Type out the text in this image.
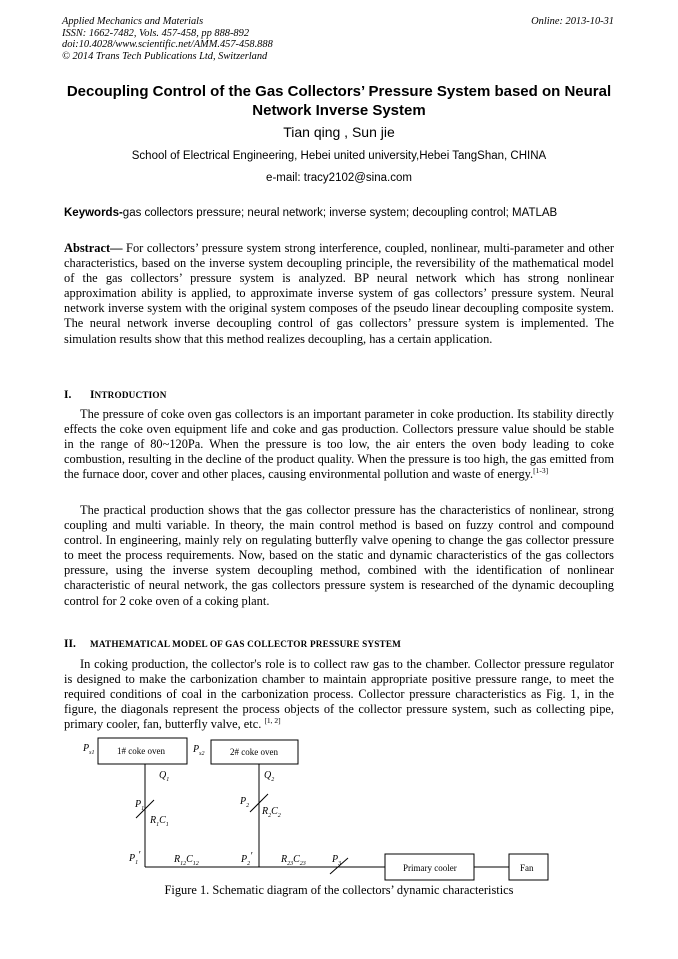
Applied Mechanics and Materials
ISSN: 1662-7482, Vols. 457-458, pp 888-892
doi:10.4028/www.scientific.net/AMM.457-458.888
© 2014 Trans Tech Publications Ltd, Switzerland
Online: 2013-10-31
Decoupling Control of the Gas Collectors’ Pressure System based on Neural Network Inverse System
Tian qing , Sun jie
School of Electrical Engineering, Hebei united university,Hebei TangShan, CHINA
e-mail: tracy2102@sina.com
Keywords-gas collectors pressure; neural network; inverse system; decoupling control; MATLAB
Abstract— For collectors’ pressure system strong interference, coupled, nonlinear, multi-parameter and other characteristics, based on the inverse system decoupling principle, the reversibility of the mathematical model of the gas collectors’ pressure system is analyzed. BP neural network which has strong nonlinear approximation ability is applied, to approximate inverse system of gas collectors’ pressure system. Neural network inverse system with the original system composes of the pseudo linear decoupling composite system. The neural network inverse decoupling control of gas collectors’ pressure system is implemented. The simulation results show that this method realizes decoupling, has a certain application.
I. INTRODUCTION
The pressure of coke oven gas collectors is an important parameter in coke production. Its stability directly effects the coke oven equipment life and coke and gas production. Collectors pressure value should be stable in the range of 80~120Pa. When the pressure is too low, the air enters the oven body leading to coke combustion, resulting in the decline of the product quality. When the pressure is too high, the gas emitted from the furnace door, cover and other places, causing environmental pollution and waste of energy.[1-3]
The practical production shows that the gas collector pressure has the characteristics of nonlinear, strong coupling and multi variable. In theory, the main control method is based on fuzzy control and compound control. In engineering, mainly rely on regulating butterfly valve opening to change the gas collector pressure to meet the process requirements. Now, based on the static and dynamic characteristics of the gas collectors pressure, using the inverse system decoupling method, combined with the identification of nonlinear characteristic of neural network, the gas collectors pressure system is researched of the dynamic decoupling control for 2 coke oven of a coking plant.
II. MATHEMATICAL MODEL OF GAS COLLECTOR PRESSURE SYSTEM
In coking production, the collector's role is to collect raw gas to the chamber. Collector pressure regulator is designed to make the carbonization chamber to maintain appropriate positive pressure range, to meet the required conditions of coal in the carbonization process. Collector pressure characteristics as Fig. 1, in the figure, the diagonals represent the process objects of the collector pressure system, such as collecting pipe, primary cooler, fan, butterfly valve, etc. [1, 2]
1# coke oven	2# coke oven
Primary cooler	Fan
$P_{s1}$	$P_{s2}$
$Q_1$	$Q_2$
$P_1$
$P_2$
$R_1C_1$
$R_2C_2$
$P_1'$	$R_{12}C_{12}$	$P_2'$	$R_{23}C_{23}$	$P_3$
Figure 1. Schematic diagram of the collectors’ dynamic characteristics
